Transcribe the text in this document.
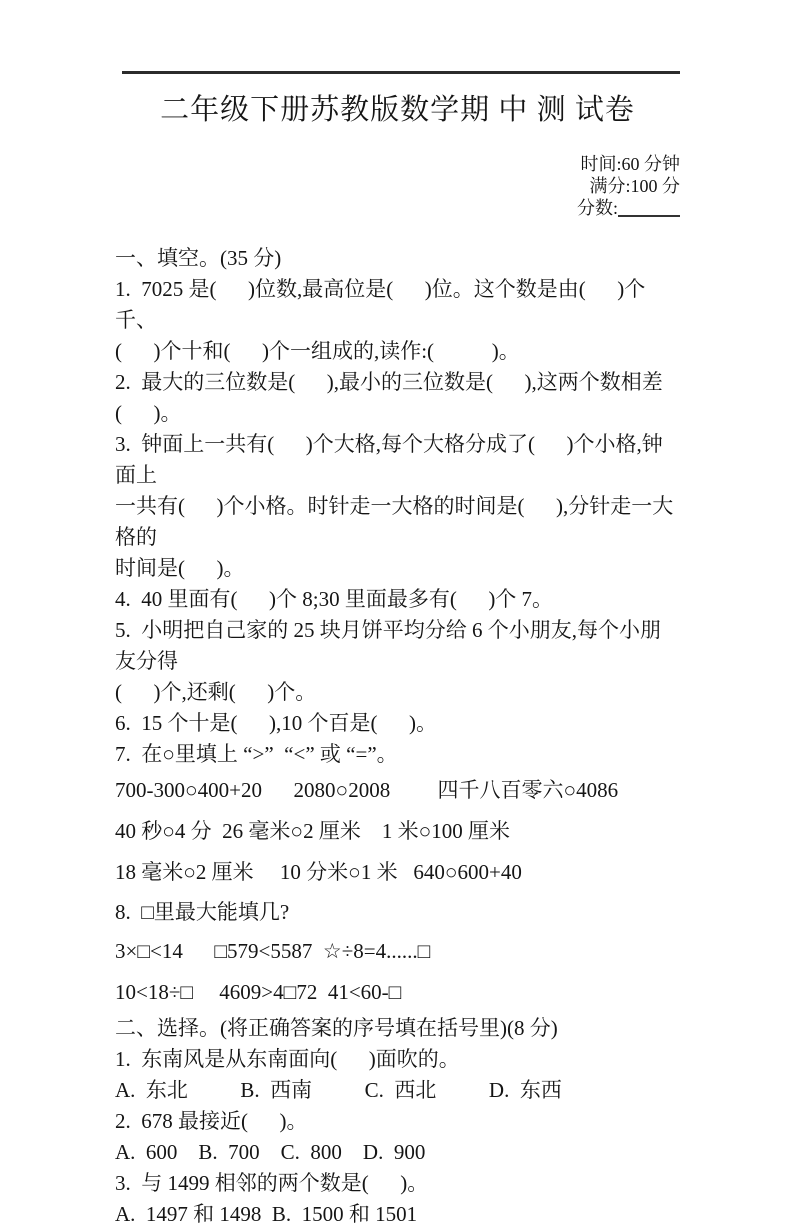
二年级下册苏教版数学期 中 测 试卷

时间:60 分钟
满分:100 分
分数:

一、填空。(35 分)
1.  7025 是(      )位数,最高位是(      )位。这个数是由(      )个千、
(      )个十和(      )个一组成的,读作:(           )。
2.  最大的三位数是(      ),最小的三位数是(      ),这两个数相差
(      )。
3.  钟面上一共有(      )个大格,每个大格分成了(      )个小格,钟面上
一共有(      )个小格。时针走一大格的时间是(      ),分针走一大格的
时间是(      )。
4.  40 里面有(      )个 8;30 里面最多有(      )个 7。
5.  小明把自己家的 25 块月饼平均分给 6 个小朋友,每个小朋友分得
(      )个,还剩(      )个。
6.  15 个十是(      ),10 个百是(      )。
7.  在○里填上 “>”  “<” 或 “=”。
700-300○400+20      2080○2008         四千八百零六○4086
40 秒○4 分  26 毫米○2 厘米    1 米○100 厘米
18 毫米○2 厘米     10 分米○1 米   640○600+40
8.  □里最大能填几?
3×□<14      □579<5587  ☆÷8=4......□
10<18÷□     4609>4□72  41<60-□
二、选择。(将正确答案的序号填在括号里)(8 分)
1.  东南风是从东南面向(      )面吹的。
A.  东北          B.  西南          C.  西北          D.  东西
2.  678 最接近(      )。
A.  600    B.  700    C.  800    D.  900
3.  与 1499 相邻的两个数是(      )。
A.  1497 和 1498  B.  1500 和 1501
